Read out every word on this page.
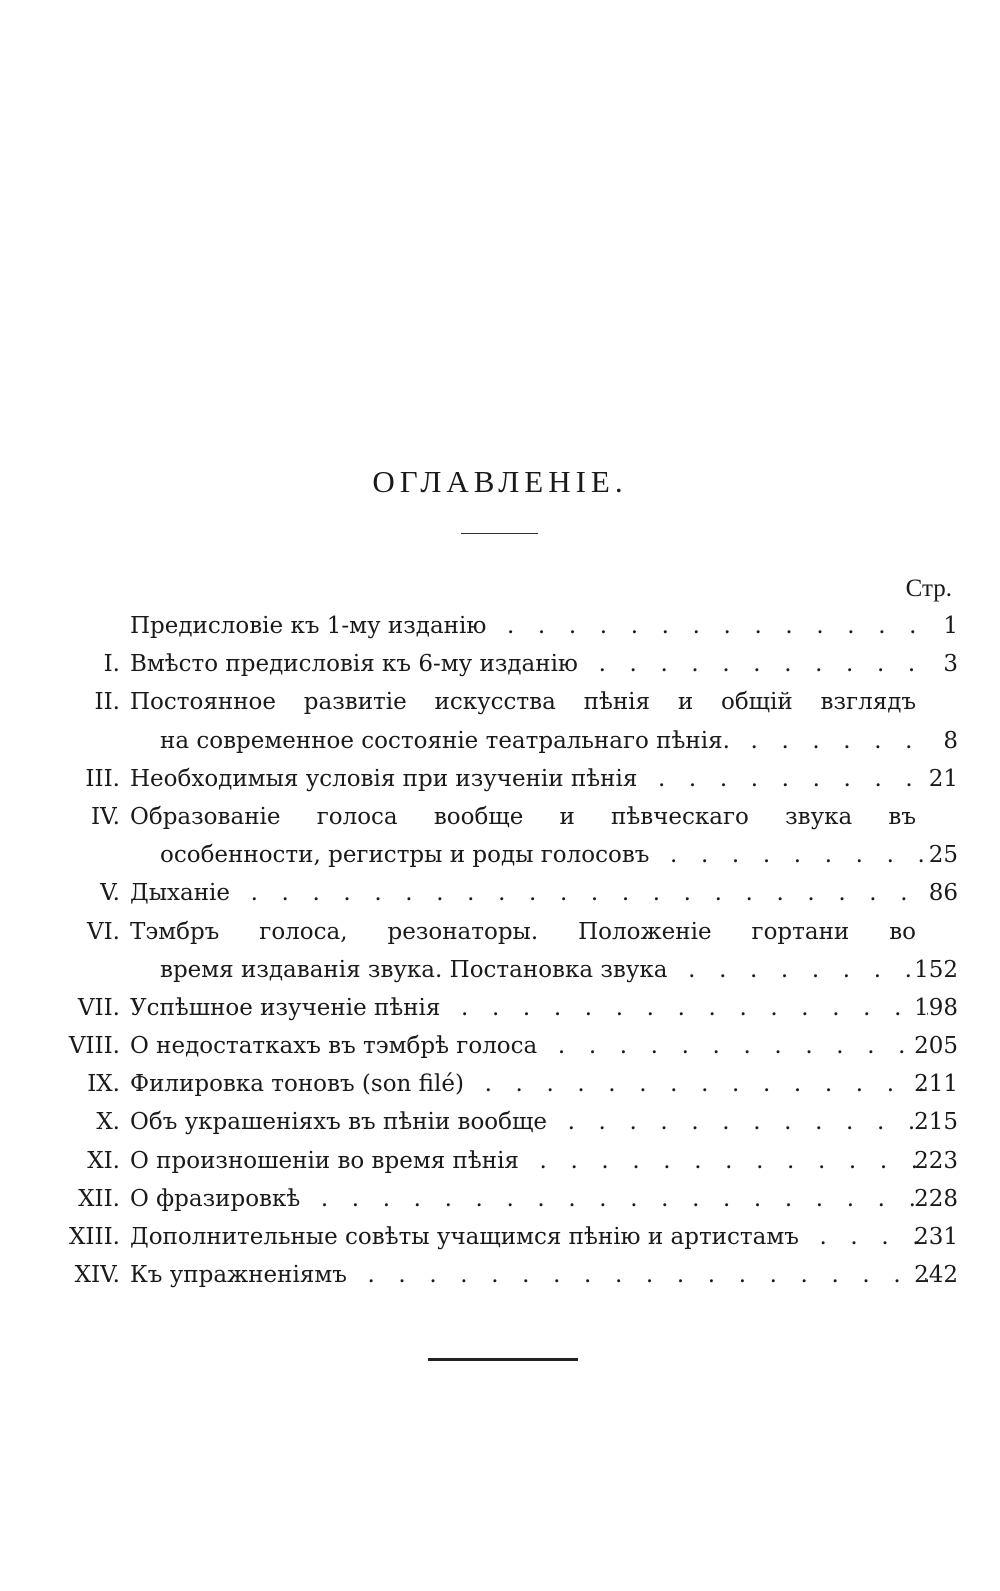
ОГЛАВЛЕНІЕ.
Стр.
Предисловіе къ 1-му изданію . .	1
I. Вмѣсто предисловія къ 6-му изданію . .	3
II. Постоянное развитіе искусства пѣнія и общій взглядъ
на современное состояніе театральнаго пѣнія. . .	8
III. Необходимыя условія при изученіи пѣнія . .	21
IV. Образованіе голоса вообще и пѣвческаго звука въ
особенности, регистры и роды голосовъ . .	25
V. Дыханіе . .	86
VI. Тэмбръ голоса, резонаторы. Положеніе гортани во
время издаванія звука. Постановка звука . .	152
VII. Успѣшное изученіе пѣнія . .	198
VIII. О недостаткахъ въ тэмбрѣ голоса . .	205
IX. Филировка тоновъ (son filé) . .	211
X. Объ украшеніяхъ въ пѣніи вообще . .	215
XI. О произношеніи во время пѣнія . .	223
XII. О фразировкѣ . .	228
XIII. Дополнительные совѣты учащимся пѣнію и артистамъ . .	231
XIV. Къ упражненіямъ . .	242
